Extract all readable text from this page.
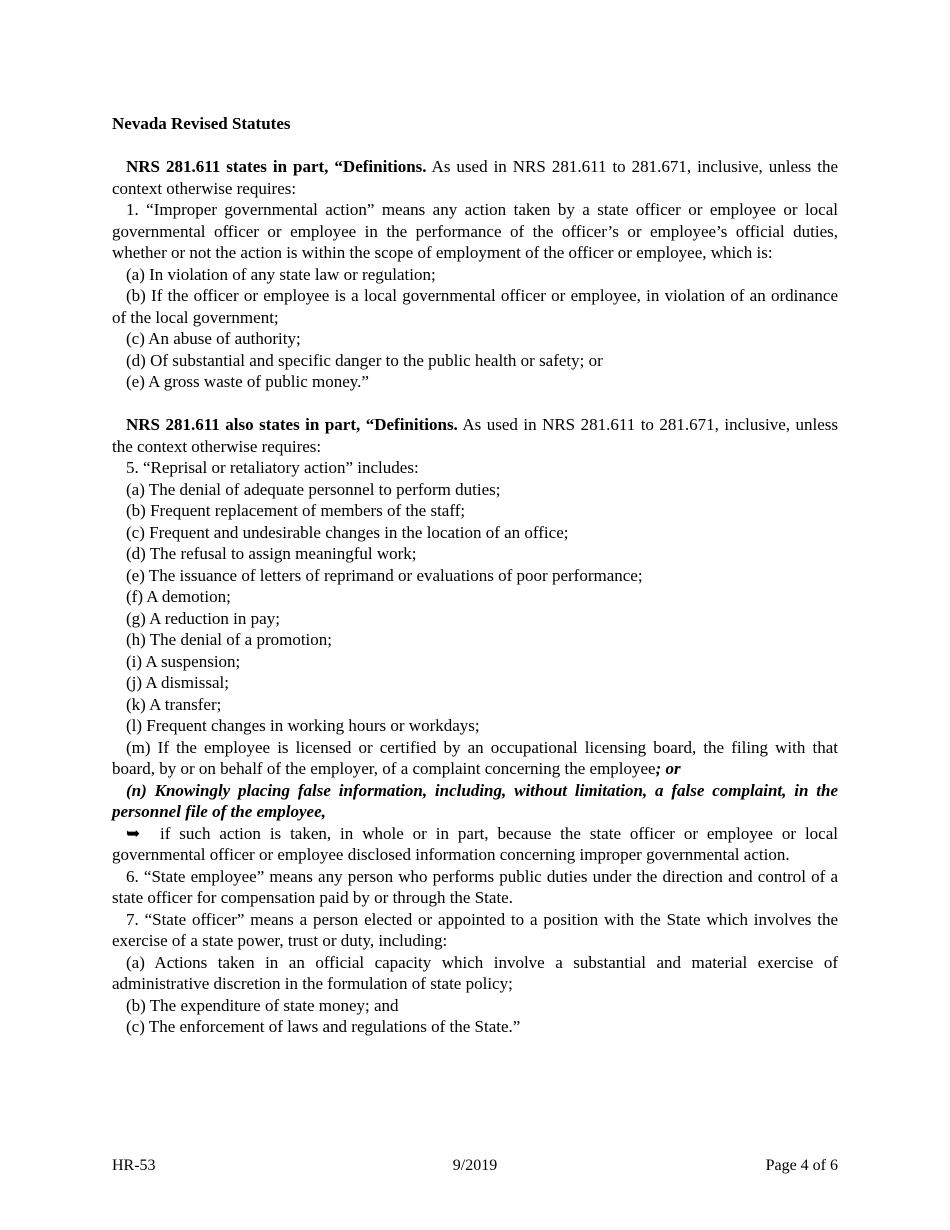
Nevada Revised Statutes

NRS 281.611 states in part, “Definitions. As used in NRS 281.611 to 281.671, inclusive, unless the context otherwise requires:

1. “Improper governmental action” means any action taken by a state officer or employee or local governmental officer or employee in the performance of the officer’s or employee’s official duties, whether or not the action is within the scope of employment of the officer or employee, which is:

(a) In violation of any state law or regulation;

(b) If the officer or employee is a local governmental officer or employee, in violation of an ordinance of the local government;

(c) An abuse of authority;

(d) Of substantial and specific danger to the public health or safety; or

(e) A gross waste of public money.”

NRS 281.611 also states in part, “Definitions. As used in NRS 281.611 to 281.671, inclusive, unless the context otherwise requires:

5. “Reprisal or retaliatory action” includes:

(a) The denial of adequate personnel to perform duties;

(b) Frequent replacement of members of the staff;

(c) Frequent and undesirable changes in the location of an office;

(d) The refusal to assign meaningful work;

(e) The issuance of letters of reprimand or evaluations of poor performance;

(f) A demotion;

(g) A reduction in pay;

(h) The denial of a promotion;

(i) A suspension;

(j) A dismissal;

(k) A transfer;

(l) Frequent changes in working hours or workdays;

(m) If the employee is licensed or certified by an occupational licensing board, the filing with that board, by or on behalf of the employer, of a complaint concerning the employee; or

(n) Knowingly placing false information, including, without limitation, a false complaint, in the personnel file of the employee,

➥ if such action is taken, in whole or in part, because the state officer or employee or local governmental officer or employee disclosed information concerning improper governmental action.

6. “State employee” means any person who performs public duties under the direction and control of a state officer for compensation paid by or through the State.

7. “State officer” means a person elected or appointed to a position with the State which involves the exercise of a state power, trust or duty, including:

(a) Actions taken in an official capacity which involve a substantial and material exercise of administrative discretion in the formulation of state policy;

(b) The expenditure of state money; and

(c) The enforcement of laws and regulations of the State.”

HR-53	9/2019	Page 4 of 6
